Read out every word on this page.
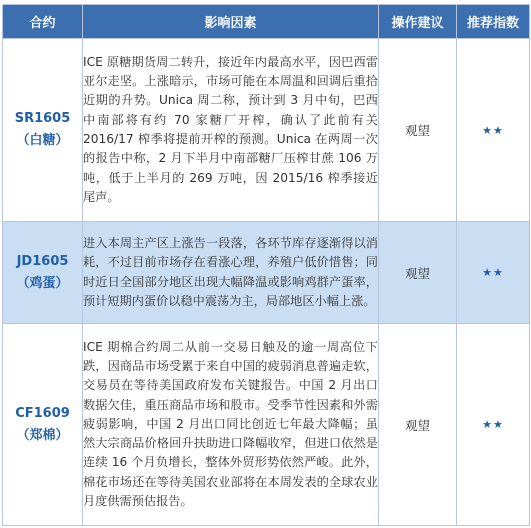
合约	影响因素	操作建议	推荐指数

SR1605
（白糖）	ICE 原糖期货周二转升，接近年内最高水平，因巴西雷亚尔走坚。上涨暗示，市场可能在本周温和回调后重拾近期的升势。Unica 周二称，预计到 3 月中旬，巴西中南部将有约 70 家糖厂开榨，确认了此前有关 2016/17 榨季将提前开榨的预测。Unica 在两周一次的报告中称，2 月下半月中南部糖厂压榨甘蔗 106 万吨，低于上半月的 269 万吨，因 2015/16 榨季接近尾声。	观望	★★

JD1605
（鸡蛋）	进入本周主产区上涨告一段落，各环节库存逐渐得以消耗，不过目前市场存在看涨心理，养殖户低价惜售；同时近日全国部分地区出现大幅降温或影响鸡群产蛋率，预计短期内蛋价以稳中震荡为主，局部地区小幅上涨。	观望	★★

CF1609
（郑棉）	ICE 期棉合约周二从前一交易日触及的逾一周高位下跌，因商品市场受累于来自中国的疲弱消息普遍走软，交易员在等待美国政府发布关键报告。中国 2 月出口数据欠佳，重压商品市场和股市。受季节性因素和外需疲弱影响，中国 2 月出口同比创近七年最大降幅；虽然大宗商品价格回升扶助进口降幅收窄，但进口依然是连续 16 个月负增长，整体外贸形势依然严峻。此外，棉花市场还在等待美国农业部将在本周发表的全球农业月度供需预估报告。	观望	★★
